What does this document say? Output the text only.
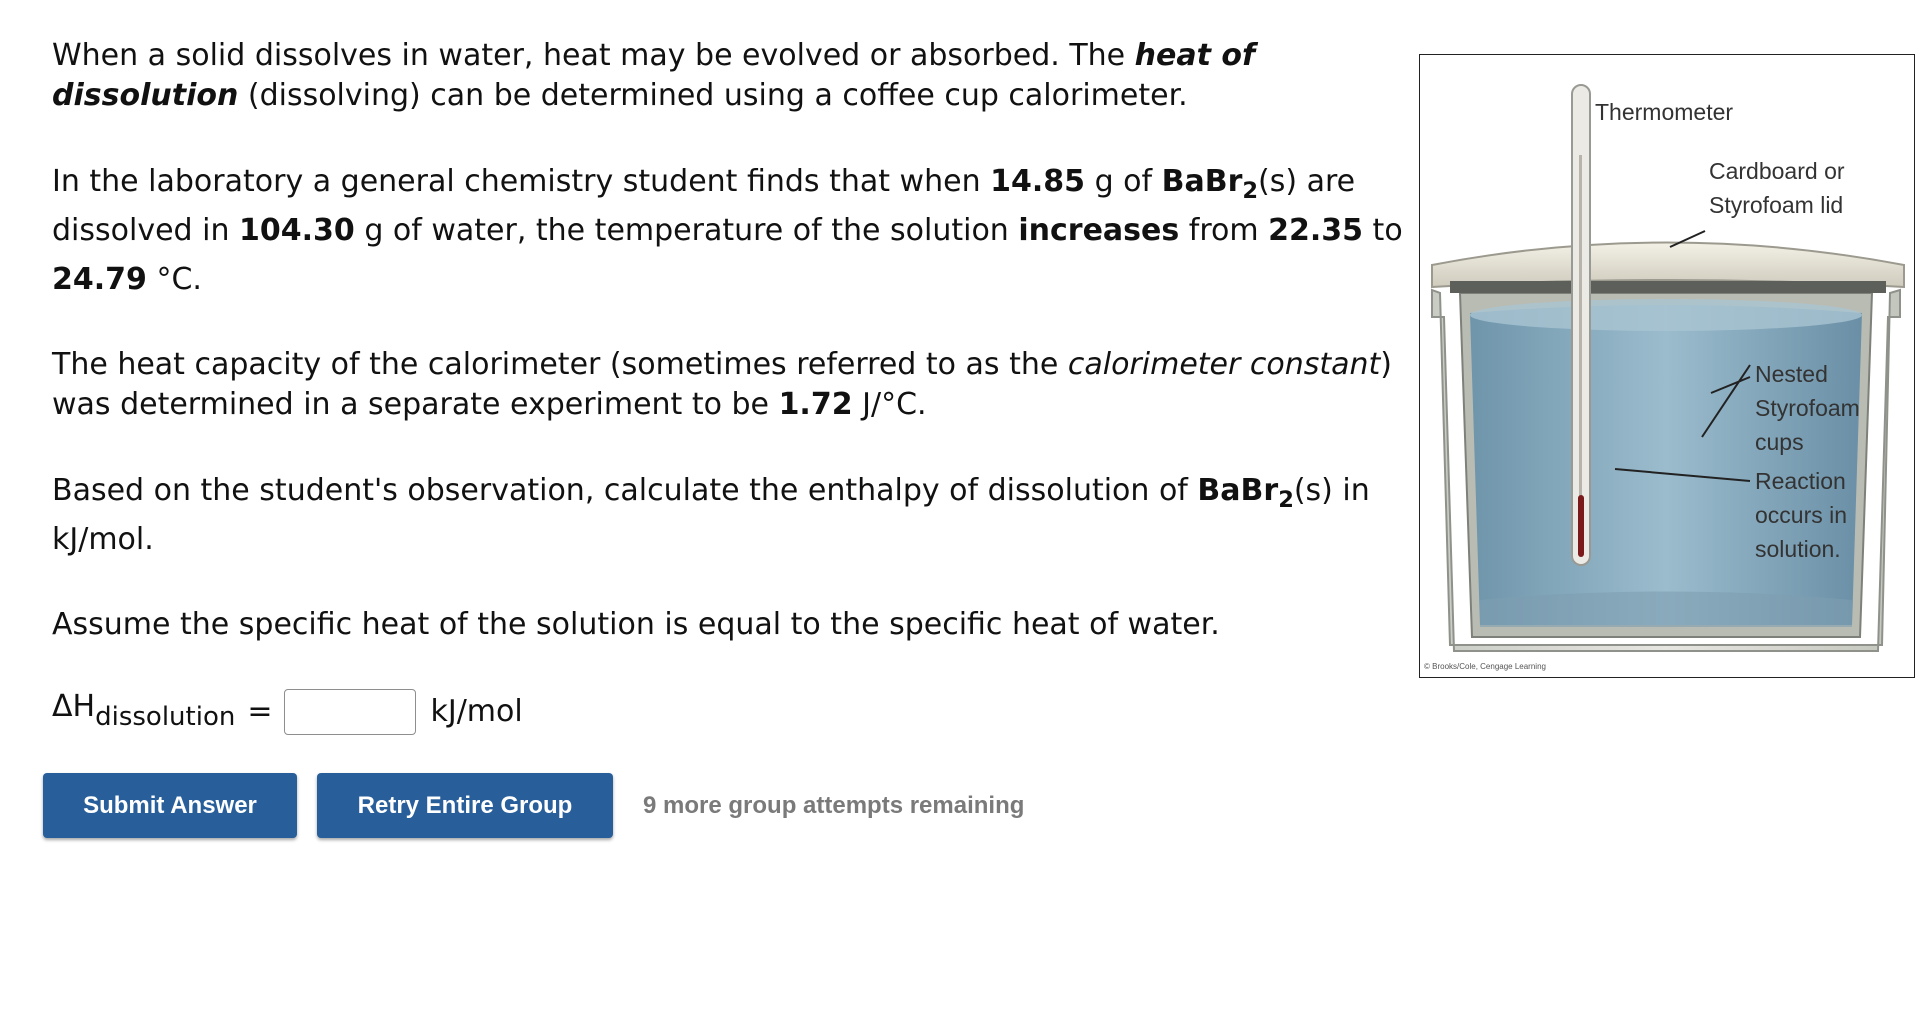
When a solid dissolves in water, heat may be evolved or absorbed. The heat of dissolution (dissolving) can be determined using a coffee cup calorimeter.

In the laboratory a general chemistry student finds that when 14.85 g of BaBr$_2$(s) are dissolved in 104.30 g of water, the temperature of the solution increases from 22.35 to 24.79 °C.

The heat capacity of the calorimeter (sometimes referred to as the calorimeter constant) was determined in a separate experiment to be 1.72 J/°C.

Based on the student's observation, calculate the enthalpy of dissolution of BaBr$_2$(s) in kJ/mol.

Assume the specific heat of the solution is equal to the specific heat of water.

ΔHdissolution =	kJ/mol
Submit Answer	Retry Entire Group	9 more group attempts remaining
Thermometer
Cardboard or
Styrofoam lid
Nested
Styrofoam cups
Reaction
occurs in
solution.
© Brooks/Cole, Cengage Learning
